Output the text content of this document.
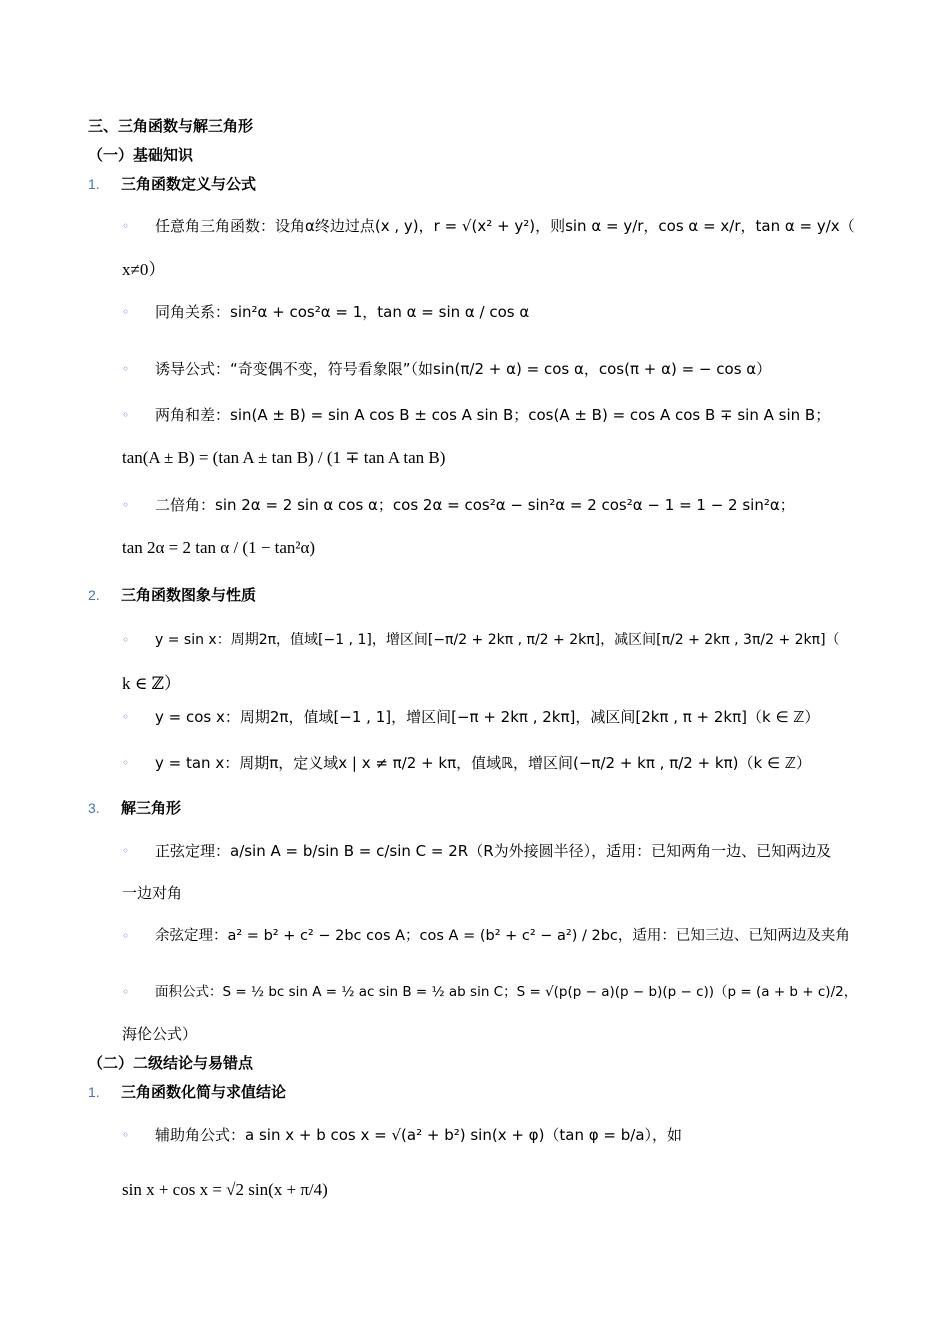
三、三角函数与解三角形
（一）基础知识
1. 三角函数定义与公式
◦ 任意角三角函数：设角α终边过点(x , y)，r = √(x² + y²)，则sin α = y/r，cos α = x/r，tan α = y/x（
x≠0）
◦ 同角关系：sin²α + cos²α = 1，tan α = sin α / cos α
◦ 诱导公式：“奇变偶不变，符号看象限”（如sin(π/2 + α) = cos α，cos(π + α) = − cos α）
◦ 两角和差：sin(A ± B) = sin A cos B ± cos A sin B；cos(A ± B) = cos A cos B ∓ sin A sin B；
tan(A ± B) = (tan A ± tan B) / (1 ∓ tan A tan B)
◦ 二倍角：sin 2α = 2 sin α cos α；cos 2α = cos²α − sin²α = 2 cos²α − 1 = 1 − 2 sin²α；
tan 2α = 2 tan α / (1 − tan²α)
2. 三角函数图象与性质
◦ y = sin x：周期2π，值域[−1 , 1]，增区间[−π/2 + 2kπ , π/2 + 2kπ]，减区间[π/2 + 2kπ , 3π/2 + 2kπ]（
k ∈ ℤ）
◦ y = cos x：周期2π，值域[−1 , 1]，增区间[−π + 2kπ , 2kπ]，减区间[2kπ , π + 2kπ]（k ∈ ℤ）
◦ y = tan x：周期π，定义域x | x ≠ π/2 + kπ，值域ℝ，增区间(−π/2 + kπ , π/2 + kπ)（k ∈ ℤ）
3. 解三角形
◦ 正弦定理：a/sin A = b/sin B = c/sin C = 2R（R为外接圆半径），适用：已知两角一边、已知两边及
一边对角
◦ 余弦定理：a² = b² + c² − 2bc cos A；cos A = (b² + c² − a²) / 2bc，适用：已知三边、已知两边及夹角
◦ 面积公式：S = ½ bc sin A = ½ ac sin B = ½ ab sin C；S = √(p(p − a)(p − b)(p − c))（p = (a + b + c)/2，
海伦公式）
（二）二级结论与易错点
1. 三角函数化简与求值结论
◦ 辅助角公式：a sin x + b cos x = √(a² + b²) sin(x + φ)（tan φ = b/a），如
sin x + cos x = √2 sin(x + π/4)
